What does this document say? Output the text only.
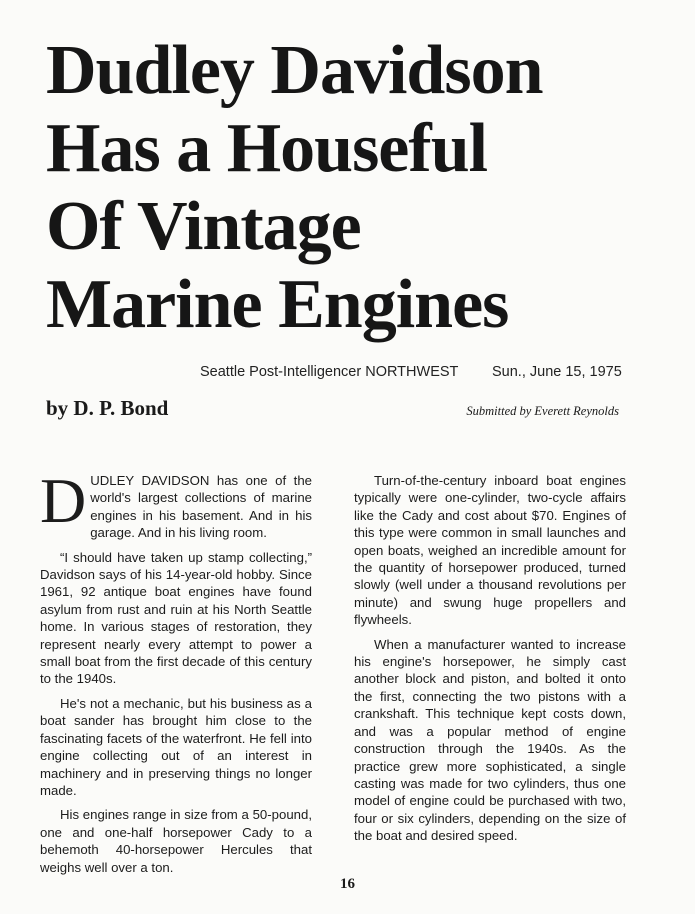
Dudley Davidson
Has a Houseful
Of Vintage
Marine Engines
Seattle Post-Intelligencer NORTHWEST Sun., June 15, 1975
by D. P. Bond	Submitted by Everett Reynolds

DUDLEY DAVIDSON has one of the world's largest collections of marine engines in his basement. And in his garage. And in his living room.

“I should have taken up stamp collecting,” Davidson says of his 14-year-old hobby. Since 1961, 92 antique boat engines have found asylum from rust and ruin at his North Seattle home. In various stages of restoration, they represent nearly every attempt to power a small boat from the first decade of this century to the 1940s.

He's not a mechanic, but his business as a boat sander has brought him close to the fascinating facets of the waterfront. He fell into engine collecting out of an interest in machinery and in preserving things no longer made.

His engines range in size from a 50-pound, one and one-half horsepower Cady to a behemoth 40-horsepower Hercules that weighs well over a ton.

Turn-of-the-century inboard boat engines typically were one-cylinder, two-cycle affairs like the Cady and cost about $70. Engines of this type were common in small launches and open boats, weighed an incredible amount for the quantity of horsepower produced, turned slowly (well under a thousand revolutions per minute) and swung huge propellers and flywheels.

When a manufacturer wanted to increase his engine's horsepower, he simply cast another block and piston, and bolted it onto the first, connecting the two pistons with a crankshaft. This technique kept costs down, and was a popular method of engine construction through the 1940s. As the practice grew more sophisticated, a single casting was made for two cylinders, thus one model of engine could be purchased with two, four or six cylinders, depending on the size of the boat and desired speed.

16
